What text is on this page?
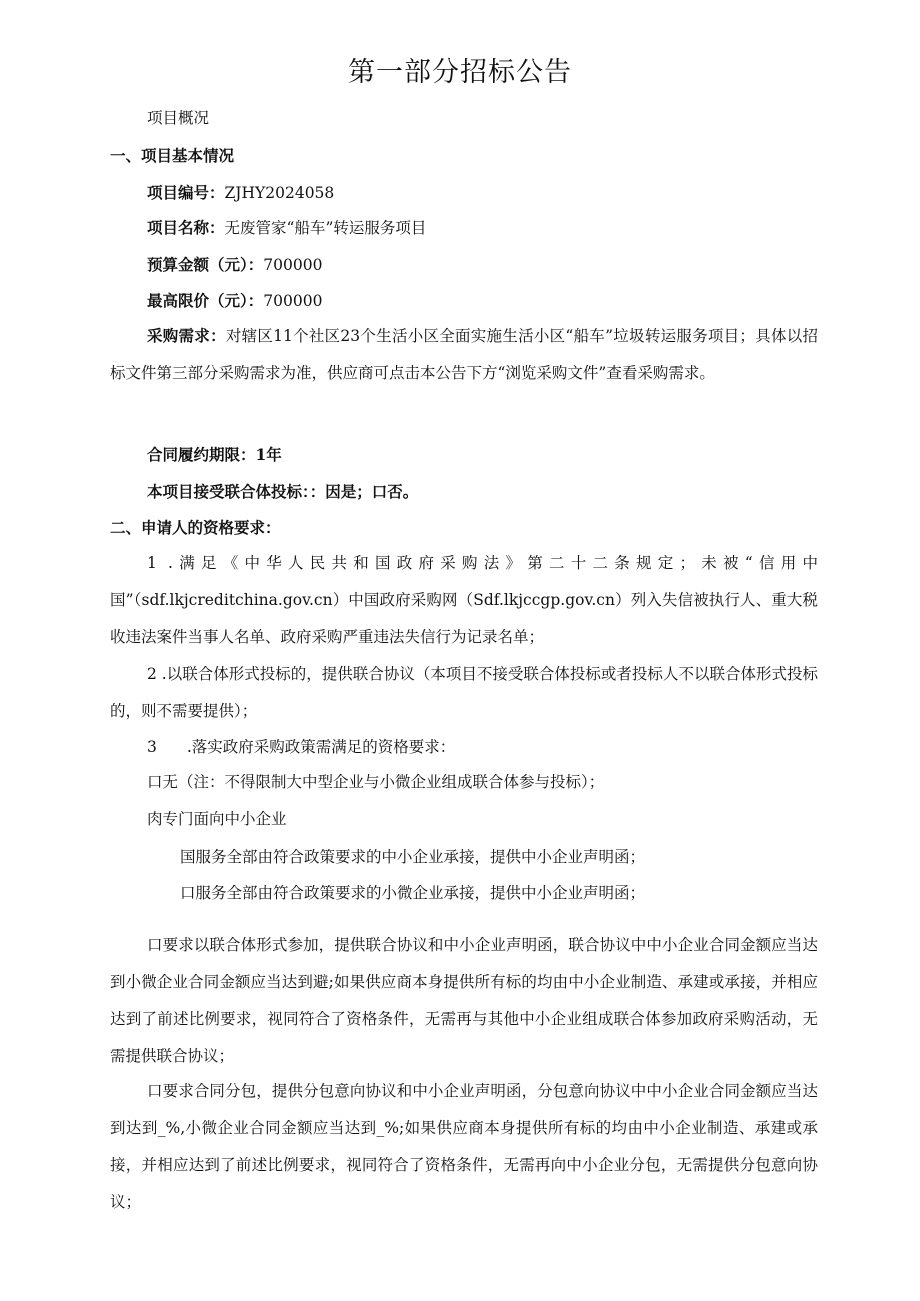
第一部分招标公告
项目概况
一、项目基本情况
项目编号：ZJHY2024058
项目名称：无废管家“船车”转运服务项目
预算金额（元）：700000
最高限价（元）：700000
采购需求：对辖区11个社区23个生活小区全面实施生活小区“船车”垃圾转运服务项目；具体以招标文件第三部分采购需求为准，供应商可点击本公告下方“浏览采购文件”查看采购需求。
合同履约期限：1年
本项目接受联合体投标：：因是；口否。
二、申请人的资格要求：
1 .满足《中华人民共和国政府采购法》第二十二条规定；未被“信用中国”（sdf.lkjcreditchina.gov.cn）中国政府采购网（Sdf.lkjccgp.gov.cn）列入失信被执行人、重大税收违法案件当事人名单、政府采购严重违法失信行为记录名单；
2 .以联合体形式投标的，提供联合协议（本项目不接受联合体投标或者投标人不以联合体形式投标的，则不需要提供）；
3 .落实政府采购政策需满足的资格要求：
口无（注：不得限制大中型企业与小微企业组成联合体参与投标）；
肉专门面向中小企业
国服务全部由符合政策要求的中小企业承接，提供中小企业声明函；
口服务全部由符合政策要求的小微企业承接，提供中小企业声明函；
口要求以联合体形式参加，提供联合协议和中小企业声明函，联合协议中中小企业合同金额应当达到小微企业合同金额应当达到避;如果供应商本身提供所有标的均由中小企业制造、承建或承接，并相应达到了前述比例要求，视同符合了资格条件，无需再与其他中小企业组成联合体参加政府采购活动，无需提供联合协议；
口要求合同分包，提供分包意向协议和中小企业声明函，分包意向协议中中小企业合同金额应当达到达到_%,小微企业合同金额应当达到_%;如果供应商本身提供所有标的均由中小企业制造、承建或承接，并相应达到了前述比例要求，视同符合了资格条件，无需再向中小企业分包，无需提供分包意向协议；
